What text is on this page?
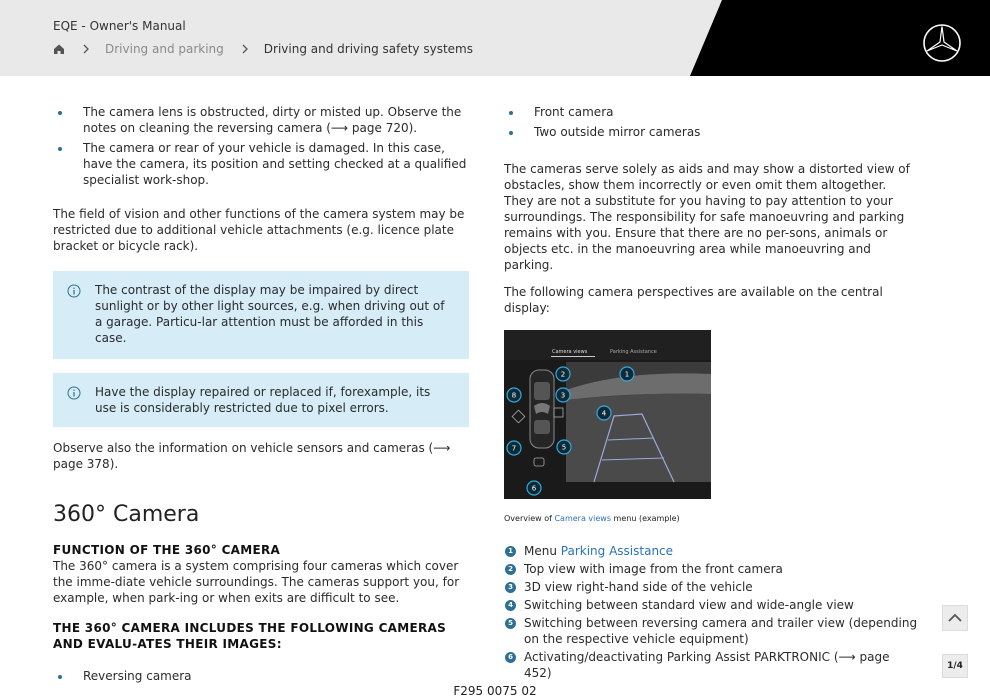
EQE - Owner's Manual
Driving and parking	Driving and driving safety systems
The camera lens is obstructed, dirty or misted up. Observe the notes on cleaning the reversing camera (⟶ page 720).
The camera or rear of your vehicle is damaged. In this case, have the camera, its position and setting checked at a qualified specialist work-shop.

The field of vision and other functions of the camera system may be restricted due to additional vehicle attachments (e.g. licence plate bracket or bicycle rack).

The contrast of the display may be impaired by direct sunlight or by other light sources, e.g. when driving out of a garage. Particu-lar attention must be afforded in this case.
Have the display repaired or replaced if, forexample, its use is considerably restricted due to pixel errors.

Observe also the information on vehicle sensors and cameras (⟶ page 378).

360° Camera
FUNCTION OF THE 360° CAMERA

The 360° camera is a system comprising four cameras which cover the imme-diate vehicle surroundings. The cameras support you, for example, when park-ing or when exits are difficult to see.

THE 360° CAMERA INCLUDES THE FOLLOWING CAMERAS AND EVALU-ATES THEIR IMAGES:
Reversing camera
Front camera
Two outside mirror cameras

The cameras serve solely as aids and may show a distorted view of obstacles, show them incorrectly or even omit them altogether. They are not a substitute for you having to pay attention to your surroundings. The responsibility for safe manoeuvring and parking remains with you. Ensure that there are no per-sons, animals or objects etc. in the manoeuvring area while manoeuvring and parking.

The following camera perspectives are available on the central display:

Camera views	Parking Assistance
1
2
3
4
5
6
7
8
Overview of Camera views menu (example)
1 Menu Parking Assistance
2 Top view with image from the front camera
3 3D view right-hand side of the vehicle
4 Switching between standard view and wide-angle view
5 Switching between reversing camera and trailer view (depending on the respective vehicle equipment)
6 Activating/deactivating Parking Assist PARKTRONIC (⟶ page 452)	1/4
F295 0075 02
